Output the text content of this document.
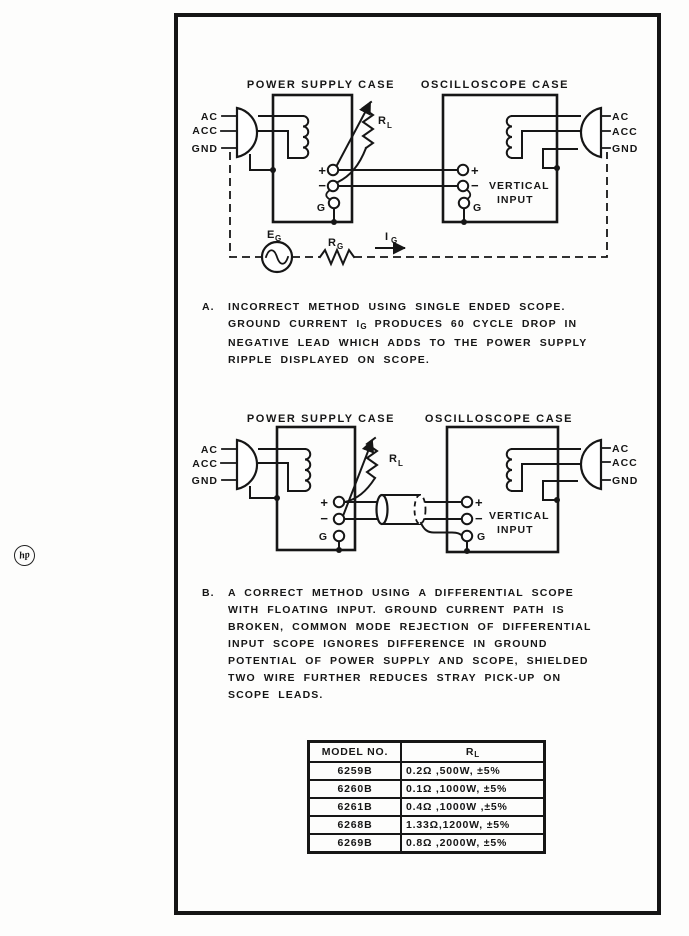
hp
POWER SUPPLY CASE OSCILLOSCOPE CASE
AC
ACC
GND
R L
+
−
G
AC
ACC
GND
+
−
G
VERTICAL
INPUT
E G	R G
I G
A.	INCORRECT METHOD USING SINGLE ENDED SCOPE.
GROUND CURRENT IG PRODUCES 60 CYCLE DROP IN
NEGATIVE LEAD WHICH ADDS TO THE POWER SUPPLY
RIPPLE DISPLAYED ON SCOPE.
POWER SUPPLY CASE	OSCILLOSCOPE CASE
AC
ACC
GND
R L
+
−
G
AC
ACC
GND
+
−
G
VERTICAL
INPUT
B.	A CORRECT METHOD USING A DIFFERENTIAL SCOPE
WITH FLOATING INPUT. GROUND CURRENT PATH IS
BROKEN, COMMON MODE REJECTION OF DIFFERENTIAL
INPUT SCOPE IGNORES DIFFERENCE IN GROUND
POTENTIAL OF POWER SUPPLY AND SCOPE, SHIELDED
TWO WIRE FURTHER REDUCES STRAY PICK-UP ON
SCOPE LEADS.
MODEL NO.	$R_L$
6259B	0.2Ω ,500W, ±5%
6260B	0.1Ω ,1000W, ±5%
6261B	0.4Ω ,1000W ,±5%
6268B	1.33Ω,1200W, ±5%
6269B	0.8Ω ,2000W, ±5%
